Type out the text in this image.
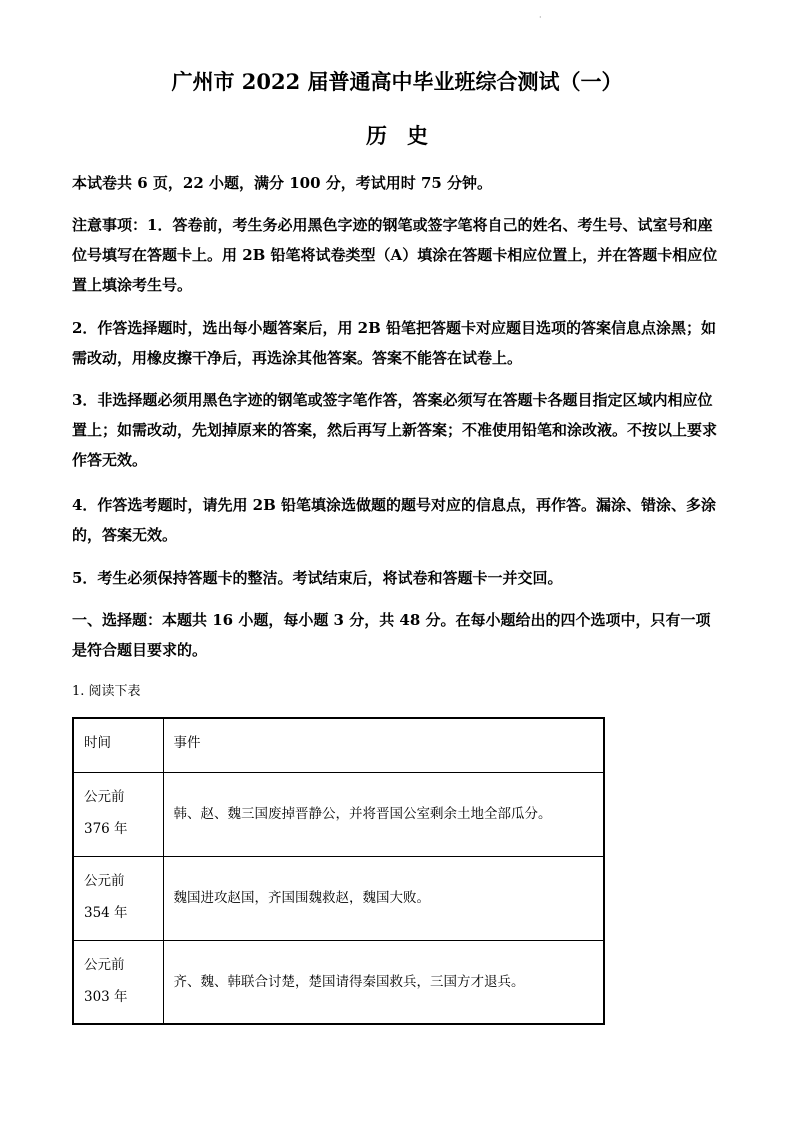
·
广州市 2022 届普通高中毕业班综合测试（一）
历史

本试卷共 6 页，22 小题，满分 100 分，考试用时 75 分钟。

注意事项：1．答卷前，考生务必用黑色字迹的钢笔或签字笔将自己的姓名、考生号、试室号和座位号填写在答题卡上。用 2B 铅笔将试卷类型（A）填涂在答题卡相应位置上，并在答题卡相应位置上填涂考生号。

2．作答选择题时，选出每小题答案后，用 2B 铅笔把答题卡对应题目选项的答案信息点涂黑；如需改动，用橡皮擦干净后，再选涂其他答案。答案不能答在试卷上。

3．非选择题必须用黑色字迹的钢笔或签字笔作答，答案必须写在答题卡各题目指定区域内相应位置上；如需改动，先划掉原来的答案，然后再写上新答案；不准使用铅笔和涂改液。不按以上要求作答无效。

4．作答选考题时，请先用 2B 铅笔填涂选做题的题号对应的信息点，再作答。漏涂、错涂、多涂的，答案无效。

5．考生必须保持答题卡的整洁。考试结束后，将试卷和答题卡一并交回。

一、选择题：本题共 16 小题，每小题 3 分，共 48 分。在每小题给出的四个选项中，只有一项是符合题目要求的。

1. 阅读下表

时间	事件
公元前 376 年	韩、赵、魏三国废掉晋静公，并将晋国公室剩余土地全部瓜分。
公元前 354 年	魏国进攻赵国，齐国围魏救赵，魏国大败。
公元前 303 年	齐、魏、韩联合讨楚，楚国请得秦国救兵，三国方才退兵。
